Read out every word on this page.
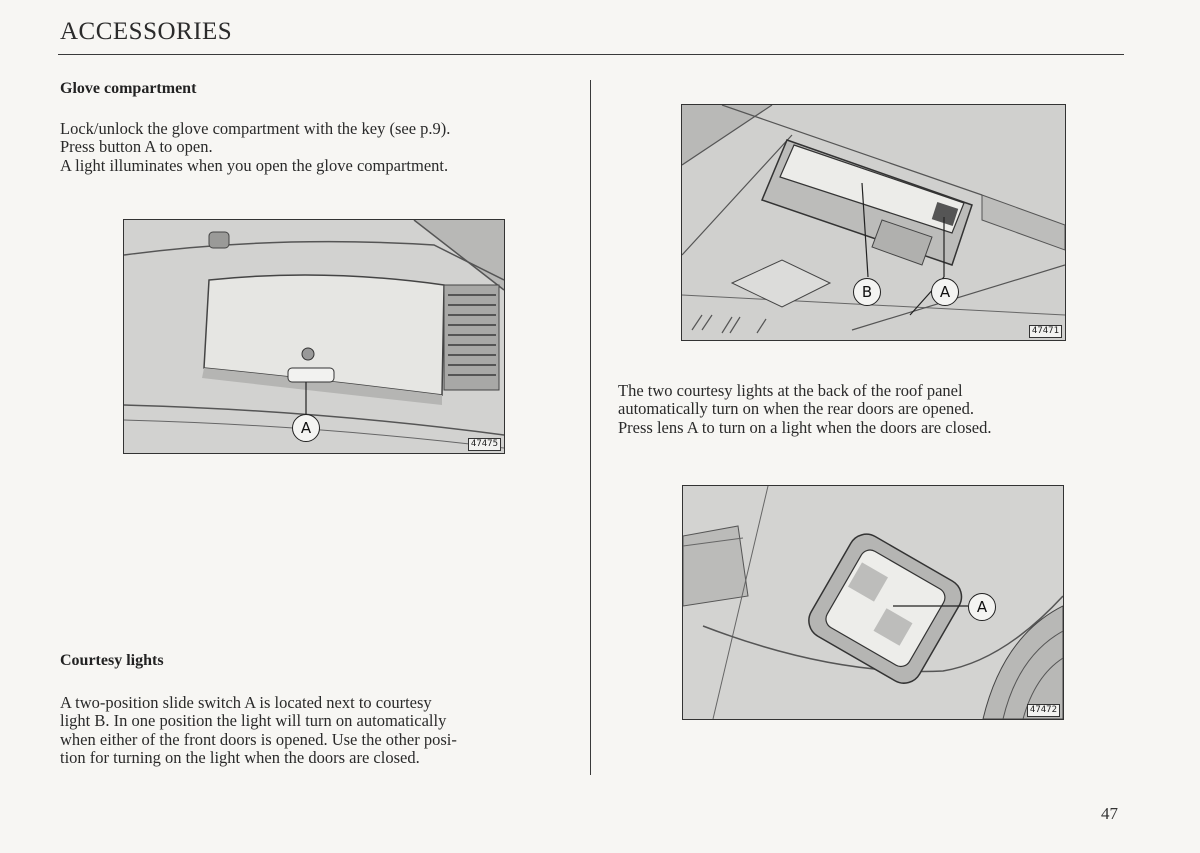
ACCESSORIES
Glove compartment
Lock/unlock the glove compartment with the key (see p.9).
Press button A to open.
A light illuminates when you open the glove compartment.
A
47475
Courtesy lights
A two-position slide switch A is located next to courtesy
light B. In one position the light will turn on automatically
when either of the front doors is opened. Use the other posi-
tion for turning on the light when the doors are closed.
B	A
47471
The two courtesy lights at the back of the roof panel
automatically turn on when the rear doors are opened.
Press lens A to turn on a light when the doors are closed.
A
47472
47
